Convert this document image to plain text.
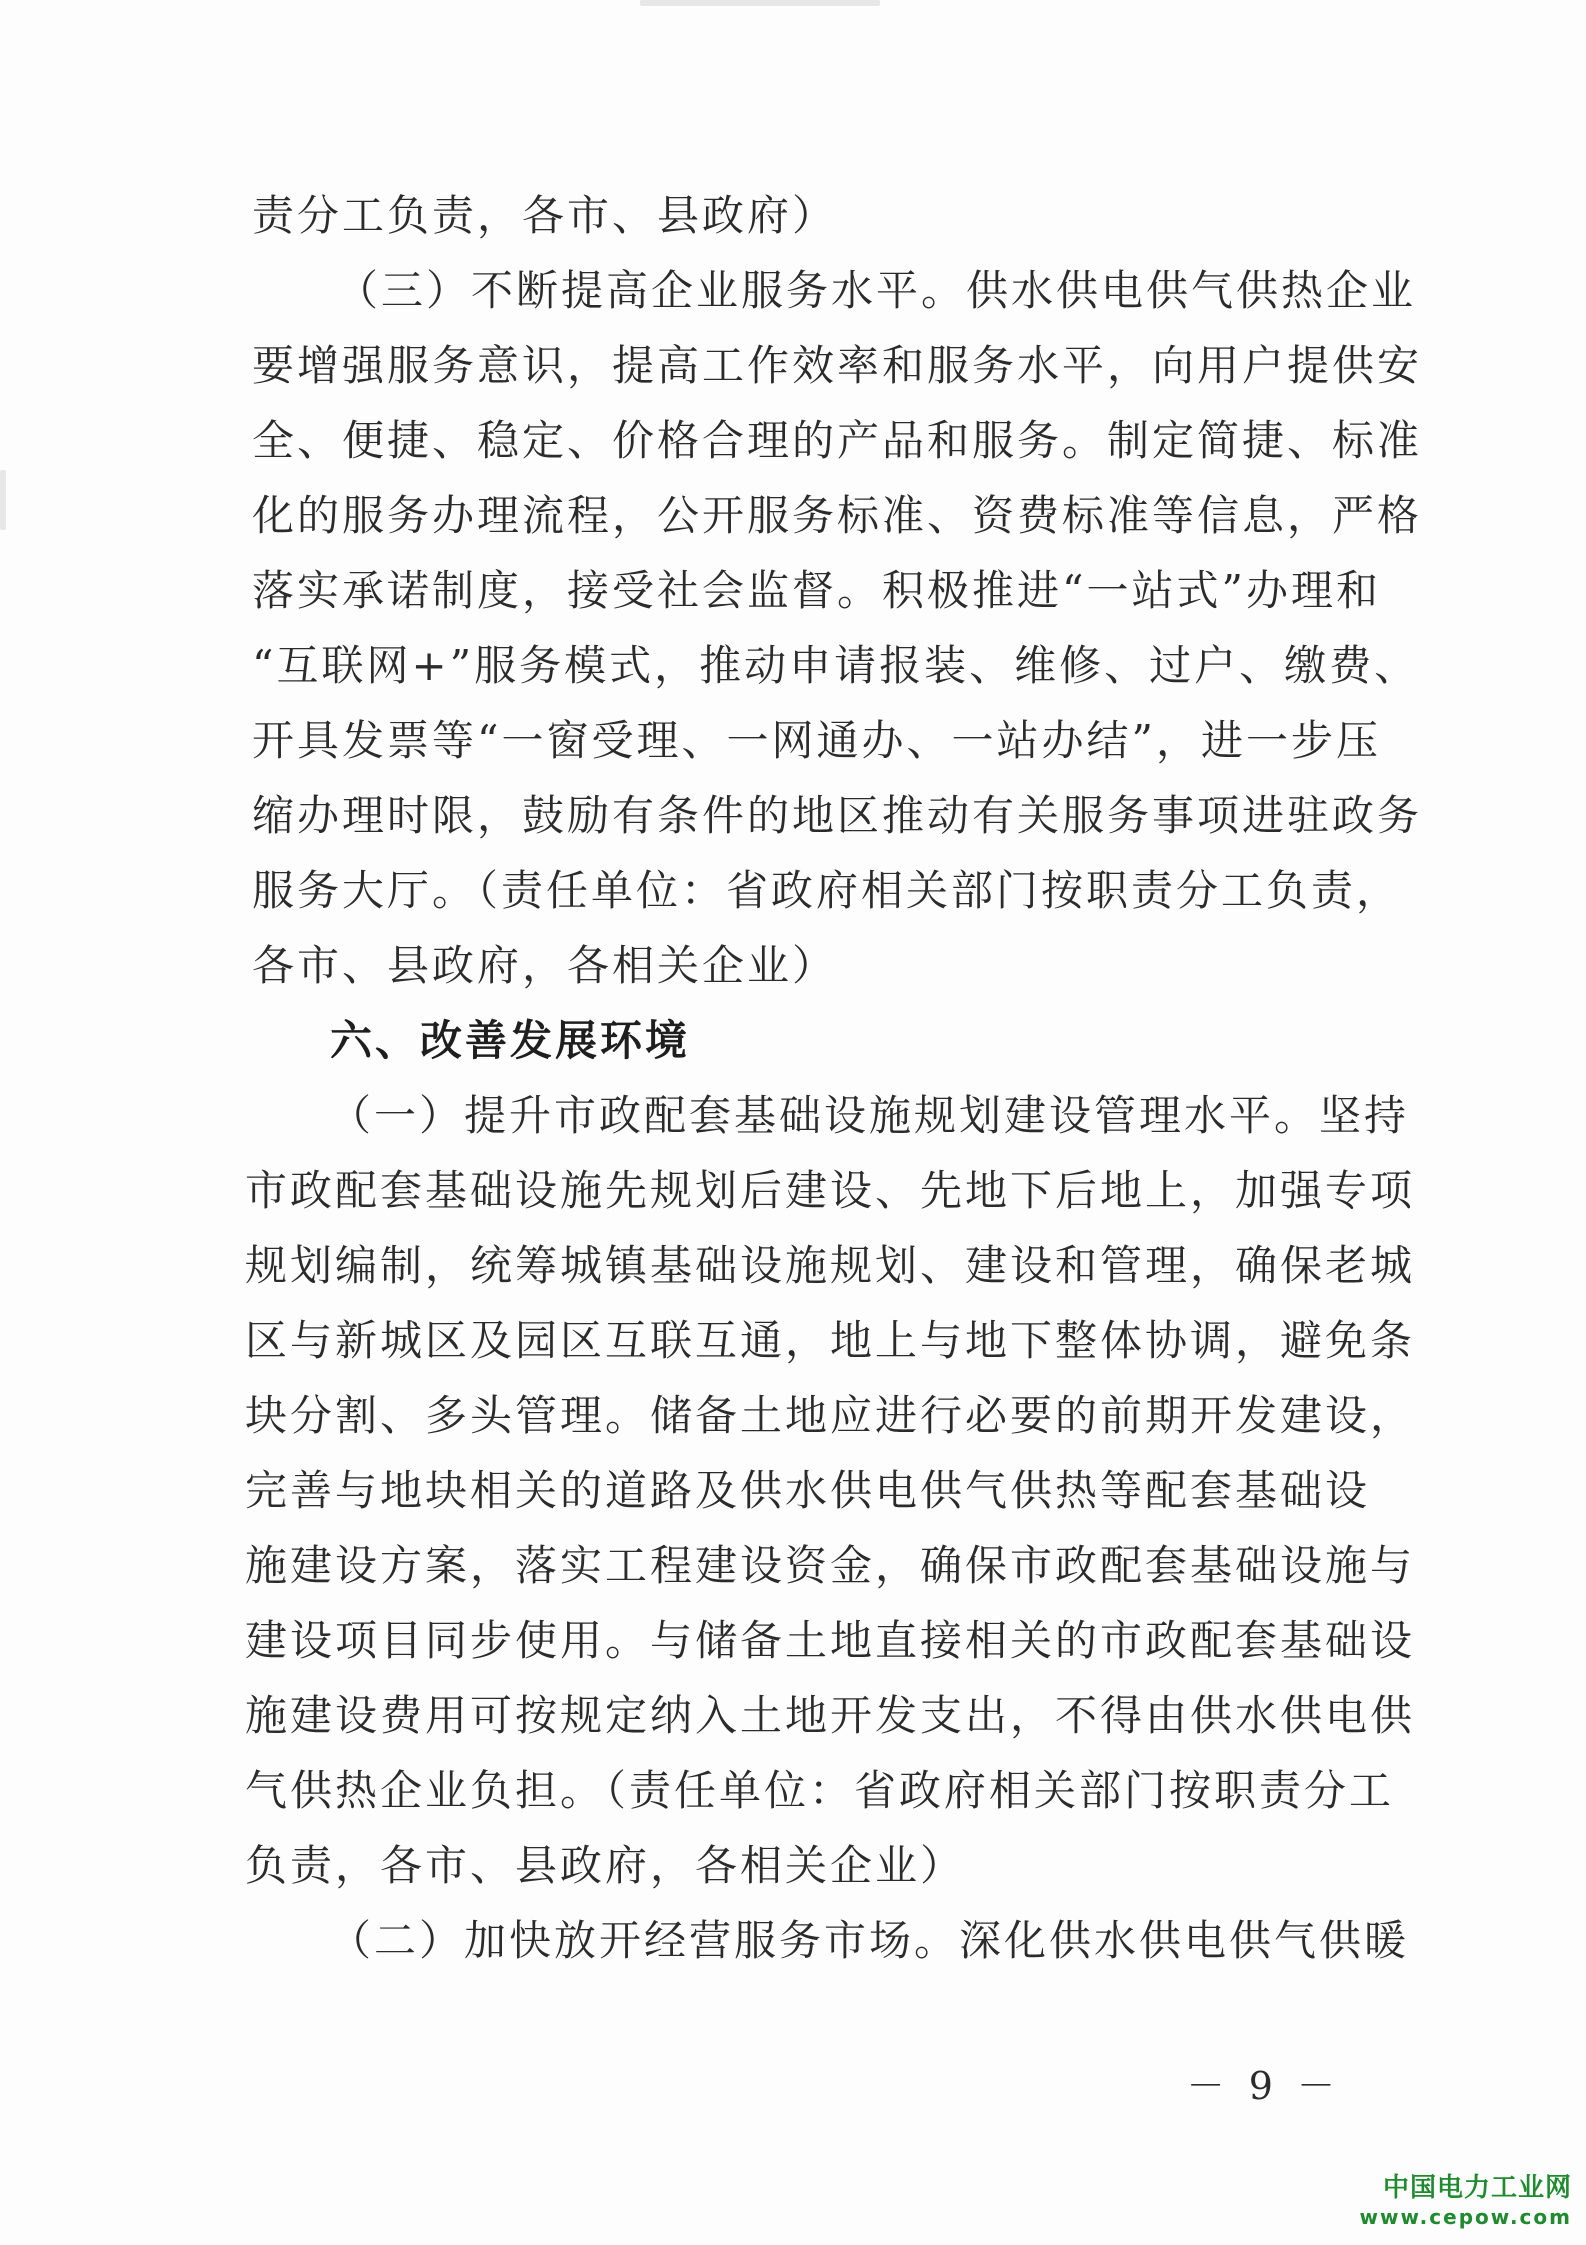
责分工负责，各市、县政府）
（三）不断提高企业服务水平。供水供电供气供热企业
要增强服务意识，提高工作效率和服务水平，向用户提供安
全、便捷、稳定、价格合理的产品和服务。制定简捷、标准
化的服务办理流程，公开服务标准、资费标准等信息，严格
落实承诺制度，接受社会监督。积极推进“一站式”办理和
“互联网+”服务模式，推动申请报装、维修、过户、缴费、
开具发票等“一窗受理、一网通办、一站办结”，进一步压
缩办理时限，鼓励有条件的地区推动有关服务事项进驻政务
服务大厅。（责任单位：省政府相关部门按职责分工负责，
各市、县政府，各相关企业）
六、改善发展环境
（一）提升市政配套基础设施规划建设管理水平。坚持
市政配套基础设施先规划后建设、先地下后地上，加强专项
规划编制，统筹城镇基础设施规划、建设和管理，确保老城
区与新城区及园区互联互通，地上与地下整体协调，避免条
块分割、多头管理。储备土地应进行必要的前期开发建设，
完善与地块相关的道路及供水供电供气供热等配套基础设
施建设方案，落实工程建设资金，确保市政配套基础设施与
建设项目同步使用。与储备土地直接相关的市政配套基础设
施建设费用可按规定纳入土地开发支出，不得由供水供电供
气供热企业负担。（责任单位：省政府相关部门按职责分工
负责，各市、县政府，各相关企业）
（二）加快放开经营服务市场。深化供水供电供气供暖
－ 9 －
中国电力工业网
www.cepow.com
